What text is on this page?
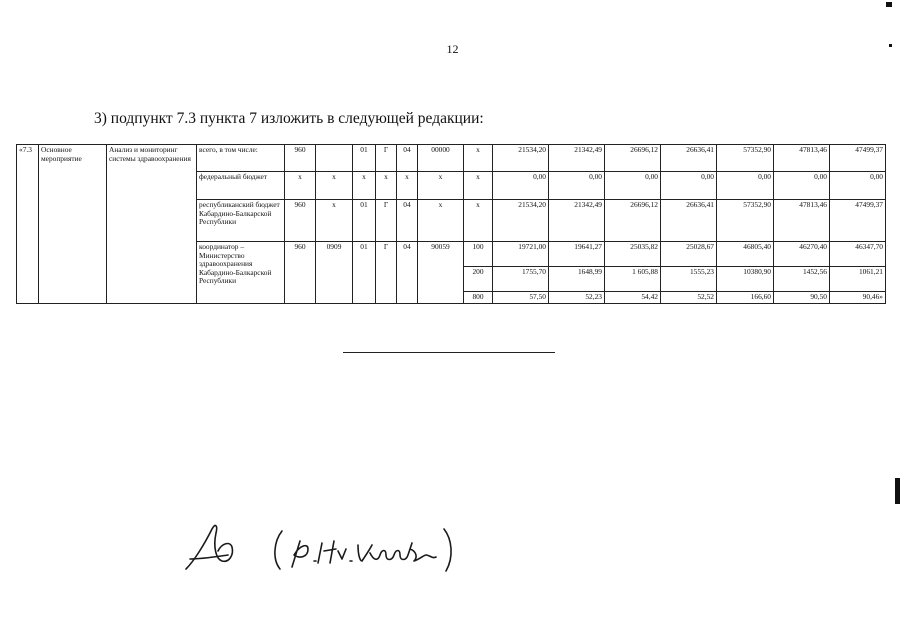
12
3) подпункт 7.3 пункта 7 изложить в следующей редакции:
«7.3	Основное мероприятие	Анализ и мониторинг системы здравоохранения	всего, в том числе:	960		01	Г	04	00000	х	21534,20	21342,49	26696,12	26636,41	57352,90	47813,46	47499,37
			федеральный бюджет	х	х	х	х	х	х	х	0,00	0,00	0,00	0,00	0,00	0,00	0,00
			республиканский бюджет Кабардино-Балкарской Республики	960	х	01	Г	04	х	х	21534,20	21342,49	26696,12	26636,41	57352,90	47813,46	47499,37
			координатор – Министерство здравоохранения Кабардино-Балкарской Республики	960	0909	01	Г	04	90059	100	19721,00	19641,27	25035,82	25028,67	46805,40	46270,40	46347,70
										200	1755,70	1648,99	1 605,88	1555,23	10380,90	1452,56	1061,21
										800	57,50	52,23	54,42	52,52	166,60	90,50	90,46»
